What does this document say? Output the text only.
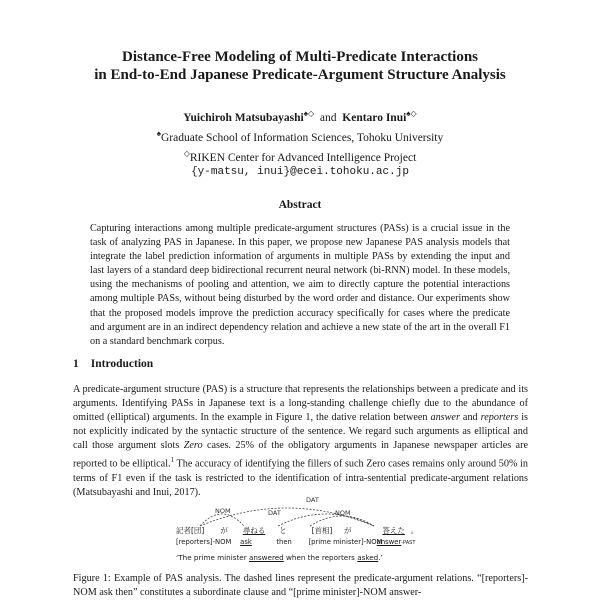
Distance-Free Modeling of Multi-Predicate Interactions
in End-to-End Japanese Predicate-Argument Structure Analysis
Yuichiroh Matsubayashi♠◇ and Kentaro Inui♠◇
♠Graduate School of Information Sciences, Tohoku University
◇RIKEN Center for Advanced Intelligence Project
{y-matsu, inui}@ecei.tohoku.ac.jp
Abstract
Capturing interactions among multiple predicate-argument structures (PASs) is a crucial issue in the task of analyzing PAS in Japanese. In this paper, we propose new Japanese PAS analysis models that integrate the label prediction information of arguments in multiple PASs by extending the input and last layers of a standard deep bidirectional recurrent neural network (bi-RNN) model. In these models, using the mechanisms of pooling and attention, we aim to directly capture the potential interactions among multiple PASs, without being disturbed by the word order and distance. Our experiments show that the proposed models improve the prediction accuracy specifically for cases where the predicate and argument are in an indirect dependency relation and achieve a new state of the art in the overall F1 on a standard benchmark corpus.
1 Introduction
A predicate-argument structure (PAS) is a structure that represents the relationships between a predicate and its arguments. Identifying PASs in Japanese text is a long-standing challenge chiefly due to the abundance of omitted (elliptical) arguments. In the example in Figure 1, the dative relation between answer and reporters is not explicitly indicated by the syntactic structure of the sentence. We regard such arguments as elliptical and call those argument slots Zero cases. 25% of the obligatory arguments in Japanese newspaper articles are reported to be elliptical.$^1$ The accuracy of identifying the fillers of such Zero cases remains only around 50% in terms of F1 even if the task is restricted to the identification of intra-sentential predicate-argument relations (Matsubayashi and Inui, 2017).
NOM	DAT	NOM
DAT
記者[団] が 尋ねる と	[首相] が	答えた 。
[reporters]-NOM ask	then [prime minister]-NOM answer-PAST
‘The prime minister answered when the reporters asked.’
Figure 1: Example of PAS analysis. The dashed lines represent the predicate-argument relations. “[reporters]-NOM ask then” constitutes a subordinate clause and “[prime minister]-NOM answer-
